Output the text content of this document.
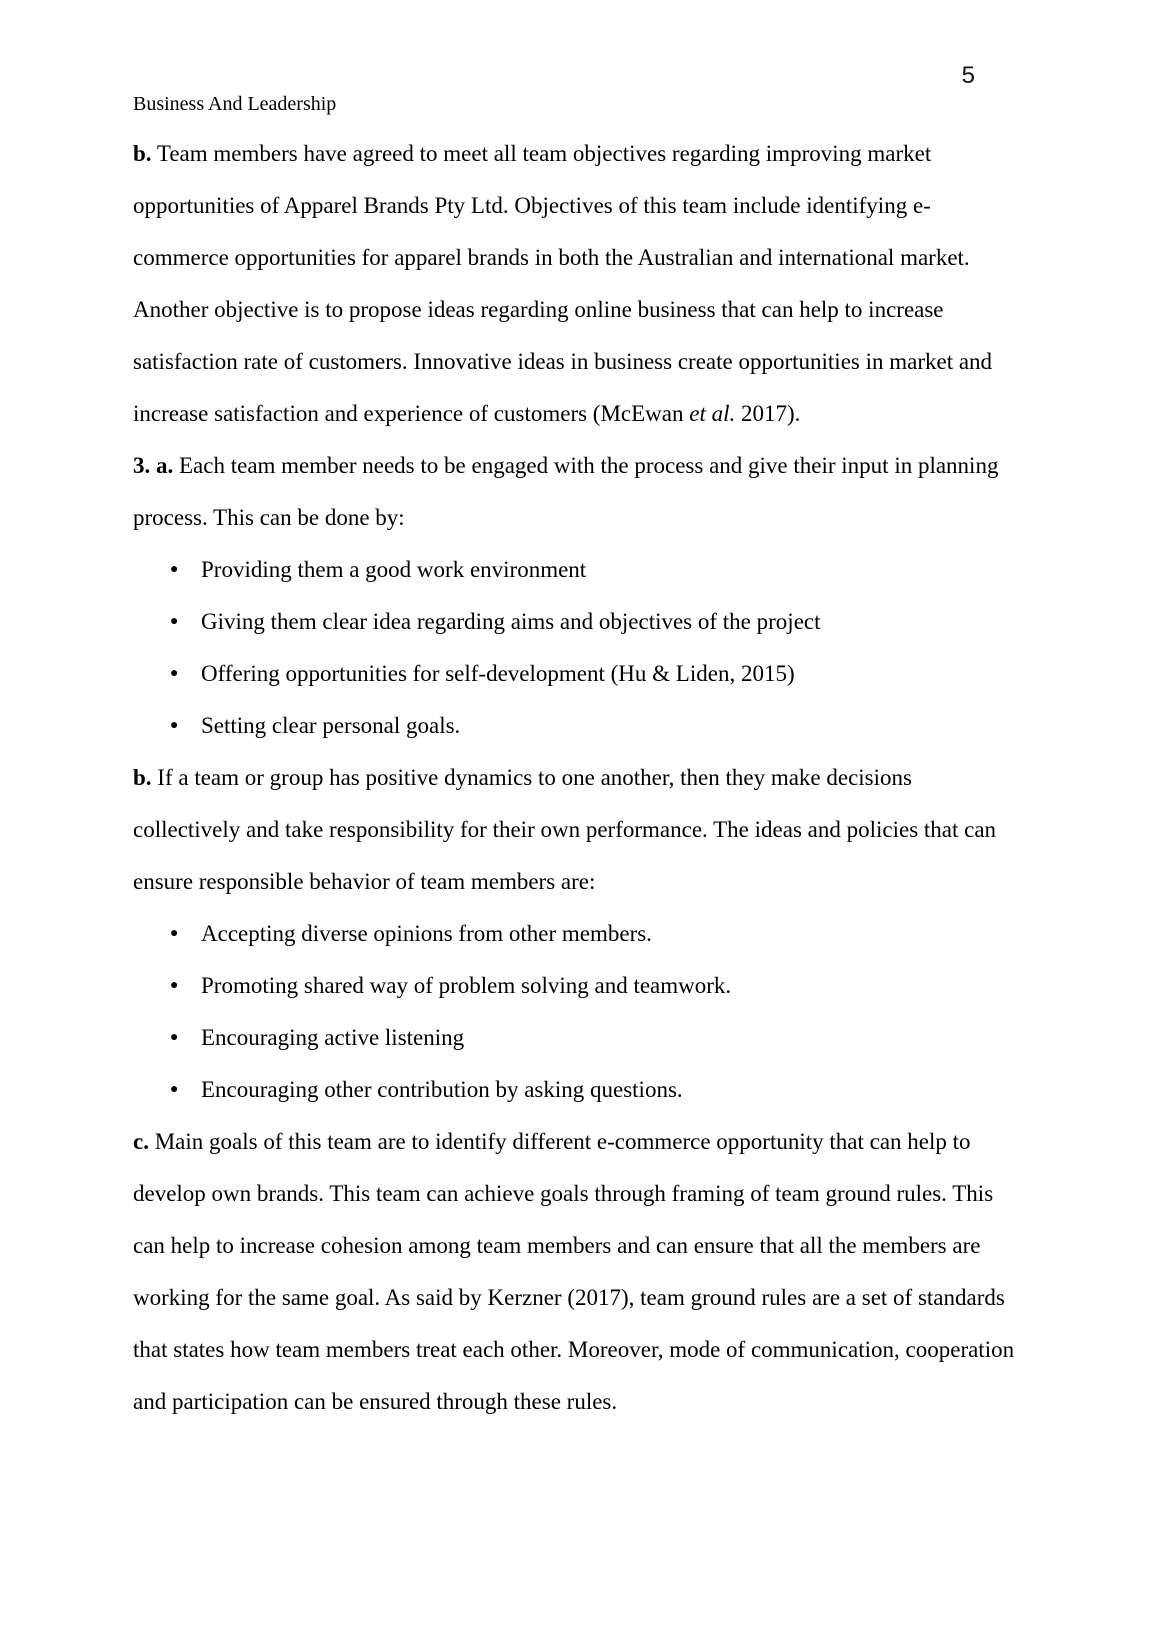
5
Business And Leadership

b. Team members have agreed to meet all team objectives regarding improving market opportunities of Apparel Brands Pty Ltd. Objectives of this team include identifying e-commerce opportunities for apparel brands in both the Australian and international market. Another objective is to propose ideas regarding online business that can help to increase satisfaction rate of customers. Innovative ideas in business create opportunities in market and increase satisfaction and experience of customers (McEwan et al. 2017).

3. a. Each team member needs to be engaged with the process and give their input in planning process. This can be done by:

● Providing them a good work environment
● Giving them clear idea regarding aims and objectives of the project
● Offering opportunities for self-development (Hu & Liden, 2015)
● Setting clear personal goals.

b. If a team or group has positive dynamics to one another, then they make decisions collectively and take responsibility for their own performance. The ideas and policies that can ensure responsible behavior of team members are:

● Accepting diverse opinions from other members.
● Promoting shared way of problem solving and teamwork.
● Encouraging active listening
● Encouraging other contribution by asking questions.

c. Main goals of this team are to identify different e-commerce opportunity that can help to develop own brands. This team can achieve goals through framing of team ground rules. This can help to increase cohesion among team members and can ensure that all the members are working for the same goal. As said by Kerzner (2017), team ground rules are a set of standards that states how team members treat each other. Moreover, mode of communication, cooperation and participation can be ensured through these rules.
